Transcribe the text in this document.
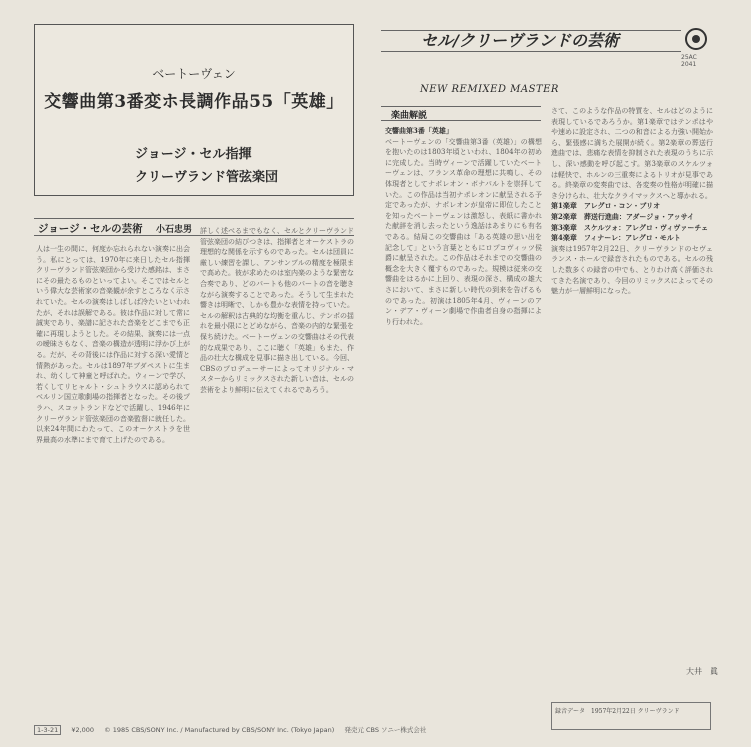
ベートーヴェン
交響曲第3番変ホ長調作品55「英雄」
ジョージ・セル指揮
クリーヴランド管弦楽団
ジョージ・セルの芸術 小石忠男
人は一生の間に、何度か忘れられない演奏に出会う。私にとっては、1970年に来日したセル指揮クリーヴランド管弦楽団から受けた感銘は、まさにその最たるものといってよい。そこではセルという偉大な芸術家の音楽観が余すところなく示されていた。セルの演奏はしばしば冷たいといわれたが、それは誤解である。彼は作品に対して常に誠実であり、楽譜に記された音楽をどこまでも正確に再現しようとした。その結果、演奏には一点の曖昧さもなく、音楽の構造が透明に浮かび上がる。だが、その背後には作品に対する深い愛情と情熱があった。セルは1897年ブダペストに生まれ、幼くして神童と呼ばれた。ウィーンで学び、若くしてリヒャルト・シュトラウスに認められてベルリン国立歌劇場の指揮者となった。その後プラハ、スコットランドなどで活躍し、1946年にクリーヴランド管弦楽団の音楽監督に就任した。以来24年間にわたって、このオーケストラを世界最高の水準にまで育て上げたのである。
詳しく述べるまでもなく、セルとクリーヴランド管弦楽団の結びつきは、指揮者とオーケストラの理想的な関係を示すものであった。セルは団員に厳しい練習を課し、アンサンブルの精度を極限まで高めた。彼が求めたのは室内楽のような緊密な合奏であり、どのパートも他のパートの音を聴きながら演奏することであった。そうして生まれた響きは明晰で、しかも豊かな表情を持っていた。セルの解釈は古典的な均衡を重んじ、テンポの揺れを最小限にとどめながら、音楽の内的な緊張を保ち続けた。ベートーヴェンの交響曲はその代表的な成果であり、ここに聴く「英雄」もまた、作品の壮大な構成を見事に描き出している。今回、CBSのプロデューサーによってオリジナル・マスターからリミックスされた新しい音は、セルの芸術をより鮮明に伝えてくれるであろう。
セル/クリーヴランドの芸術
25AC 2041
NEW REMIXED MASTER
楽曲解説
交響曲第3番「英雄」
ベートーヴェンの「交響曲第3番（英雄）」の構想を抱いたのは1803年頃といわれ、1804年の初めに完成した。当時ヴィーンで活躍していたベートーヴェンは、フランス革命の理想に共鳴し、その体現者としてナポレオン・ボナパルトを崇拝していた。この作品は当初ナポレオンに献呈される予定であったが、ナポレオンが皇帝に即位したことを知ったベートーヴェンは激怒し、表紙に書かれた献辞を消し去ったという逸話はあまりにも有名である。結局この交響曲は「ある英雄の思い出を記念して」という言葉とともにロプコヴィッツ侯爵に献呈された。この作品はそれまでの交響曲の概念を大きく覆すものであった。規模は従来の交響曲をはるかに上回り、表現の深さ、構成の雄大さにおいて、まさに新しい時代の到来を告げるものであった。初演は1805年4月、ヴィーンのアン・デア・ヴィーン劇場で作曲者自身の指揮により行われた。
さて、このような作品の特質を、セルはどのように表現しているであろうか。第1楽章ではテンポはやや速めに設定され、二つの和音による力強い開始から、緊張感に満ちた展開が続く。第2楽章の葬送行進曲では、悲痛な表情を抑制された表現のうちに示し、深い感動を呼び起こす。第3楽章のスケルツォは軽快で、ホルンの三重奏によるトリオが見事である。終楽章の変奏曲では、各変奏の性格が明確に描き分けられ、壮大なクライマックスへと導かれる。
第1楽章　アレグロ・コン・ブリオ
第2楽章　葬送行進曲：アダージョ・アッサイ
第3楽章　スケルツォ：アレグロ・ヴィヴァーチェ
第4楽章　フィナーレ：アレグロ・モルト
演奏は1957年2月22日、クリーヴランドのセヴェランス・ホールで録音されたものである。セルの残した数多くの録音の中でも、とりわけ高く評価されてきた名演であり、今回のリミックスによってその魅力が一層鮮明になった。
大井　眞
録音データ　1957年2月22日 クリーヴランド
1-3-21 ¥2,000 © 1985 CBS/SONY Inc. / Manufactured by CBS/SONY Inc. (Tokyo Japan) 発売元 CBS ソニー株式会社
